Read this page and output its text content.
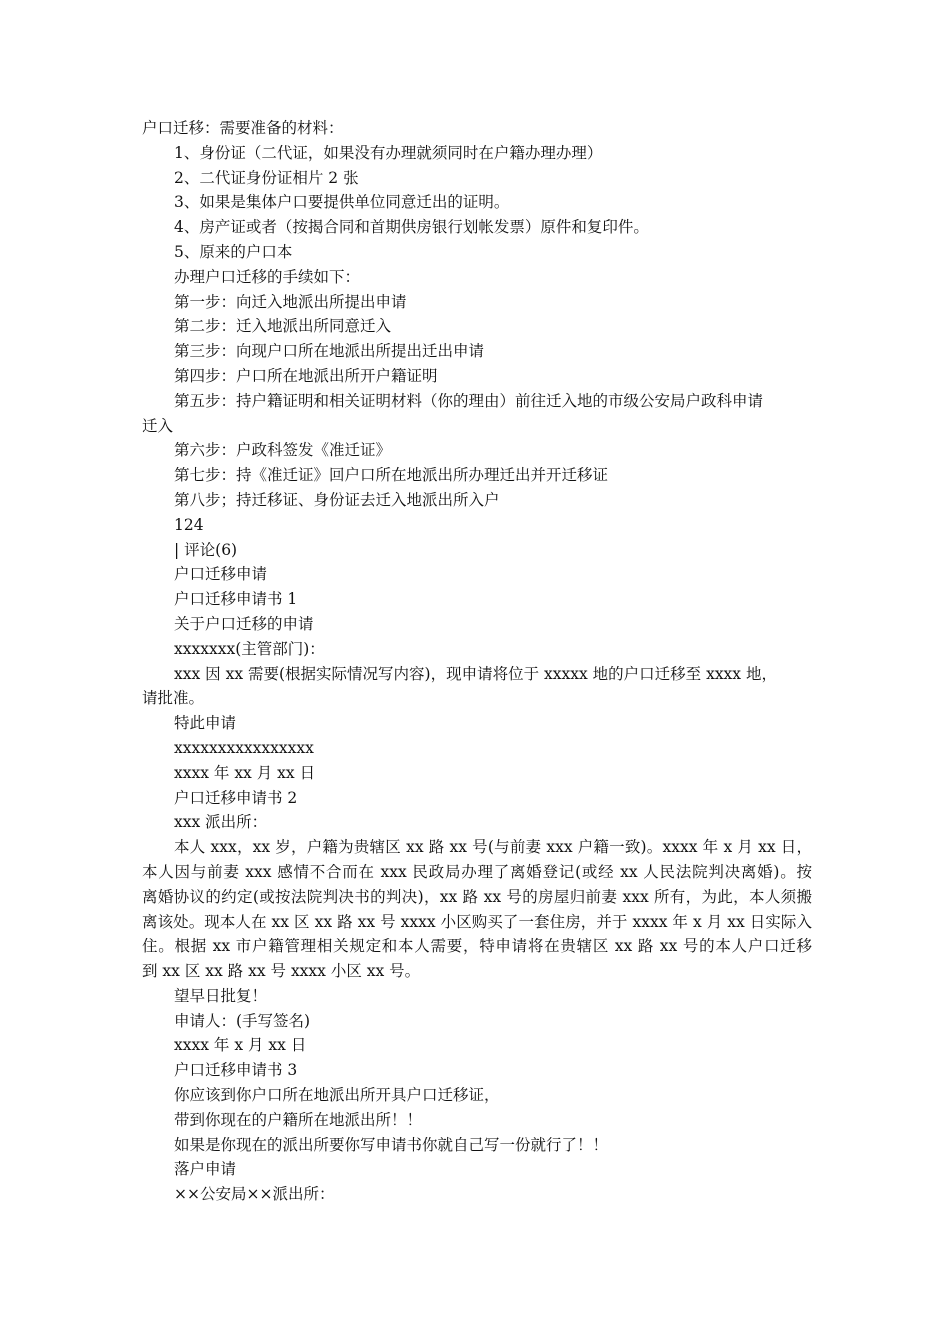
户口迁移：需要准备的材料：
1、身份证（二代证，如果没有办理就须同时在户籍办理办理）
2、二代证身份证相片 2 张
3、如果是集体户口要提供单位同意迁出的证明。
4、房产证或者（按揭合同和首期供房银行划帐发票）原件和复印件。
5、原来的户口本
办理户口迁移的手续如下：
第一步：向迁入地派出所提出申请
第二步：迁入地派出所同意迁入
第三步：向现户口所在地派出所提出迁出申请
第四步：户口所在地派出所开户籍证明
第五步：持户籍证明和相关证明材料（你的理由）前往迁入地的市级公安局户政科申请
迁入
第六步：户政科签发《准迁证》
第七步：持《准迁证》回户口所在地派出所办理迁出并开迁移证
第八步；持迁移证、身份证去迁入地派出所入户
124
| 评论(6)
户口迁移申请
户口迁移申请书 1
关于户口迁移的申请
xxxxxxx(主管部门)：
xxx 因 xx 需要(根据实际情况写内容)，现申请将位于 xxxxx 地的户口迁移至 xxxx 地，
请批准。
特此申请
xxxxxxxxxxxxxxxx
xxxx 年 xx 月 xx 日
户口迁移申请书 2
xxx 派出所：
本人 xxx，xx 岁，户籍为贵辖区 xx 路 xx 号(与前妻 xxx 户籍一致)。xxxx 年 x 月 xx 日，
本人因与前妻 xxx 感情不合而在 xxx 民政局办理了离婚登记(或经 xx 人民法院判决离婚)。按
离婚协议的约定(或按法院判决书的判决)，xx 路 xx 号的房屋归前妻 xxx 所有，为此，本人须搬
离该处。现本人在 xx 区 xx 路 xx 号 xxxx 小区购买了一套住房，并于 xxxx 年 x 月 xx 日实际入
住。根据 xx 市户籍管理相关规定和本人需要，特申请将在贵辖区 xx 路 xx 号的本人户口迁移
到 xx 区 xx 路 xx 号 xxxx 小区 xx 号。
望早日批复！
申请人：(手写签名)
xxxx 年 x 月 xx 日
户口迁移申请书 3
你应该到你户口所在地派出所开具户口迁移证，
带到你现在的户籍所在地派出所！！
如果是你现在的派出所要你写申请书你就自己写一份就行了！！
落户申请
××公安局××派出所：
